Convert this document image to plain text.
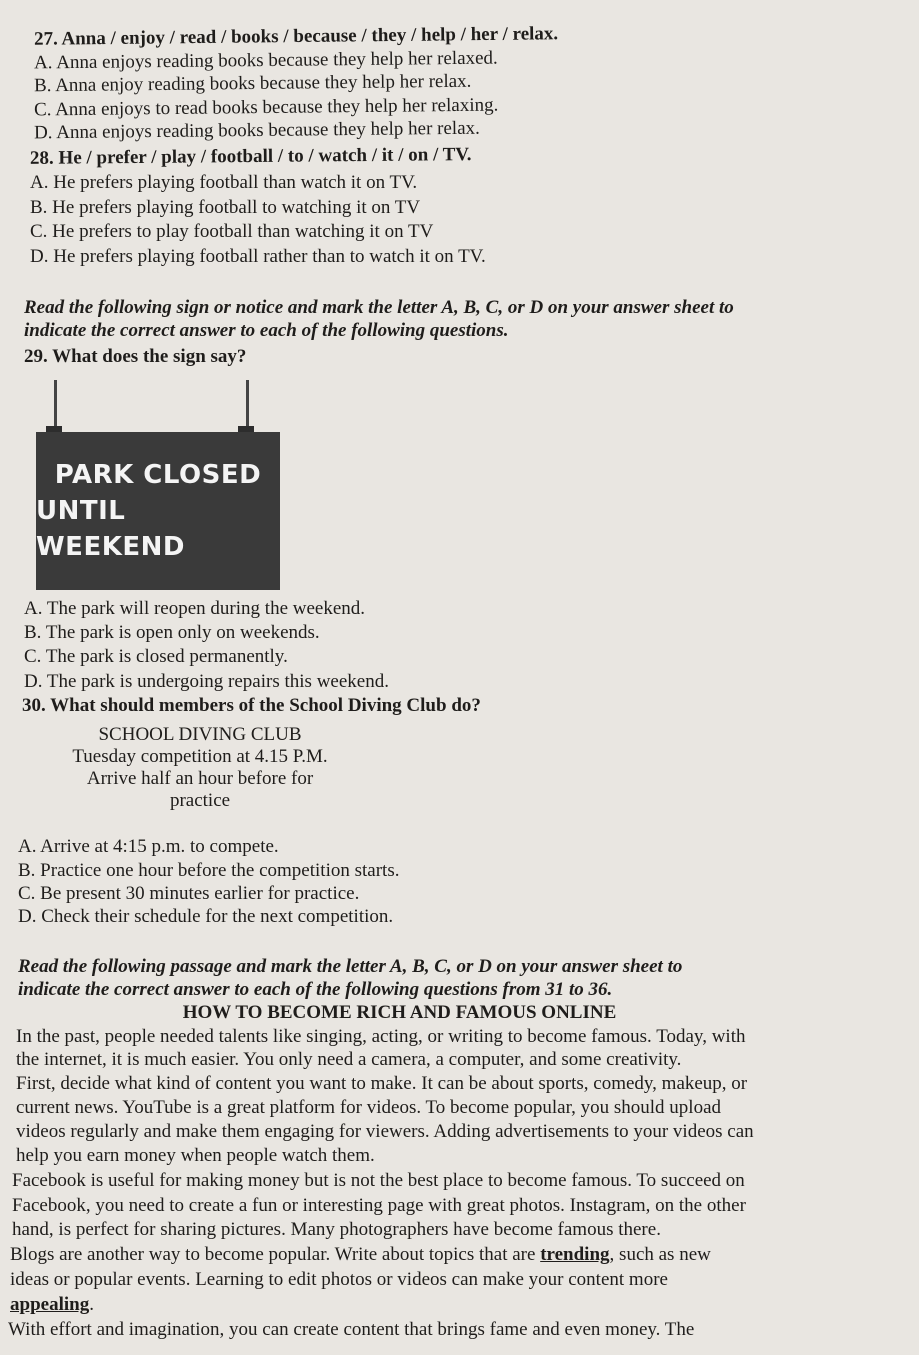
27. Anna / enjoy / read / books / because / they / help / her / relax.
A. Anna enjoys reading books because they help her relaxed.
B. Anna enjoy reading books because they help her relax.
C. Anna enjoys to read books because they help her relaxing.
D. Anna enjoys reading books because they help her relax.
28. He / prefer / play / football / to / watch / it / on / TV.
A. He prefers playing football than watch it on TV.
B. He prefers playing football to watching it on TV
C. He prefers to play football than watching it on TV
D. He prefers playing football rather than to watch it on TV.
Read the following sign or notice and mark the letter A, B, C, or D on your answer sheet to
indicate the correct answer to each of the following questions.
29. What does the sign say?
PARK CLOSED
UNTIL WEEKEND
A. The park will reopen during the weekend.
B. The park is open only on weekends.
C. The park is closed permanently.
D. The park is undergoing repairs this weekend.
30. What should members of the School Diving Club do?
SCHOOL DIVING CLUB
Tuesday competition at 4.15 P.M.
Arrive half an hour before for
practice
A. Arrive at 4:15 p.m. to compete.
B. Practice one hour before the competition starts.
C. Be present 30 minutes earlier for practice.
D. Check their schedule for the next competition.
Read the following passage and mark the letter A, B, C, or D on your answer sheet to
indicate the correct answer to each of the following questions from 31 to 36.
HOW TO BECOME RICH AND FAMOUS ONLINE
In the past, people needed talents like singing, acting, or writing to become famous. Today, with
the internet, it is much easier. You only need a camera, a computer, and some creativity.
First, decide what kind of content you want to make. It can be about sports, comedy, makeup, or
current news. YouTube is a great platform for videos. To become popular, you should upload
videos regularly and make them engaging for viewers. Adding advertisements to your videos can
help you earn money when people watch them.
Facebook is useful for making money but is not the best place to become famous. To succeed on
Facebook, you need to create a fun or interesting page with great photos. Instagram, on the other
hand, is perfect for sharing pictures. Many photographers have become famous there.
Blogs are another way to become popular. Write about topics that are trending, such as new
ideas or popular events. Learning to edit photos or videos can make your content more
appealing.
With effort and imagination, you can create content that brings fame and even money. The
